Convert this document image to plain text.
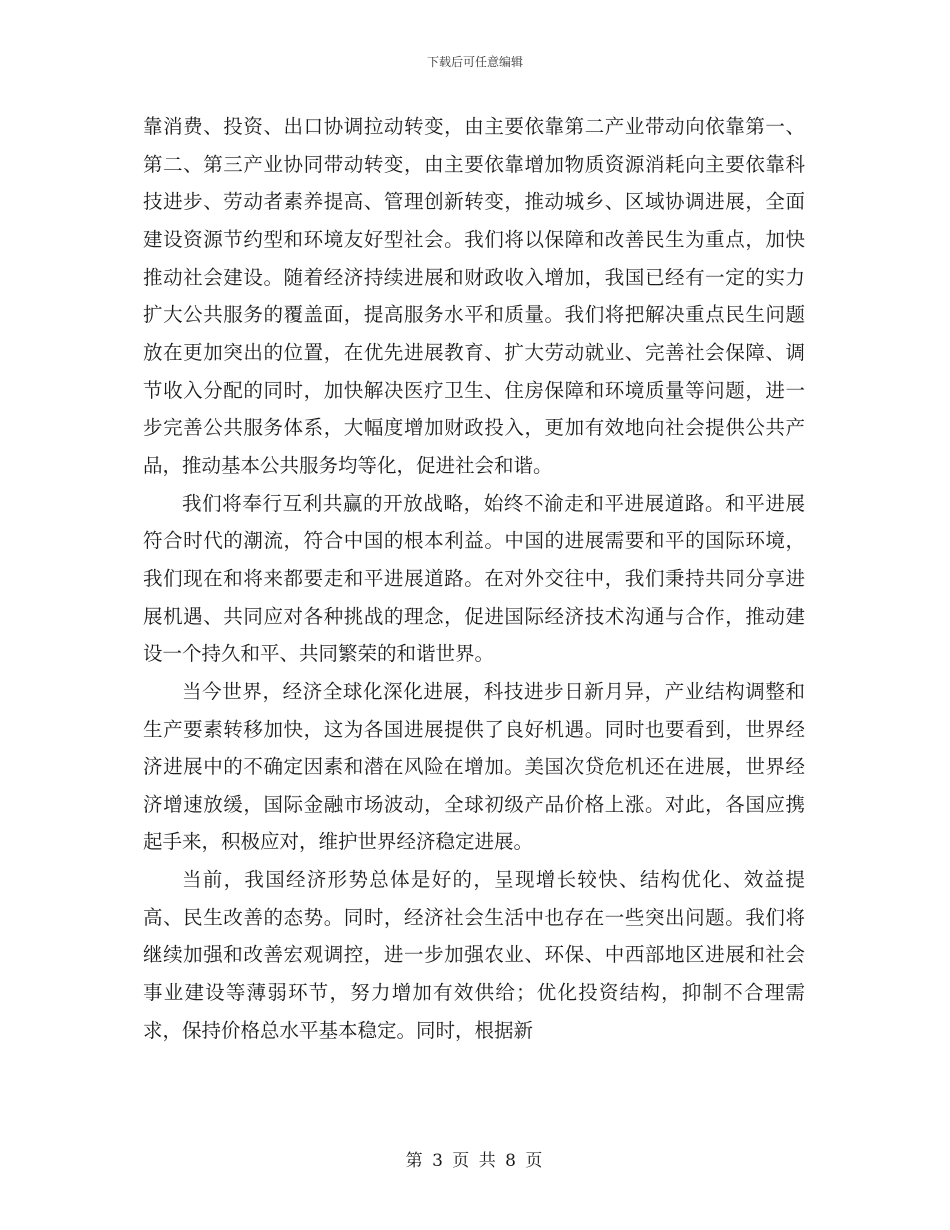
下载后可任意编辑

靠消费、投资、出口协调拉动转变，由主要依靠第二产业带动向依靠第一、第二、第三产业协同带动转变，由主要依靠增加物质资源消耗向主要依靠科技进步、劳动者素养提高、管理创新转变，推动城乡、区域协调进展，全面建设资源节约型和环境友好型社会。我们将以保障和改善民生为重点，加快推动社会建设。随着经济持续进展和财政收入增加，我国已经有一定的实力扩大公共服务的覆盖面，提高服务水平和质量。我们将把解决重点民生问题放在更加突出的位置，在优先进展教育、扩大劳动就业、完善社会保障、调节收入分配的同时，加快解决医疗卫生、住房保障和环境质量等问题，进一步完善公共服务体系，大幅度增加财政投入，更加有效地向社会提供公共产品，推动基本公共服务均等化，促进社会和谐。

我们将奉行互利共赢的开放战略，始终不渝走和平进展道路。和平进展符合时代的潮流，符合中国的根本利益。中国的进展需要和平的国际环境，我们现在和将来都要走和平进展道路。在对外交往中，我们秉持共同分享进展机遇、共同应对各种挑战的理念，促进国际经济技术沟通与合作，推动建设一个持久和平、共同繁荣的和谐世界。

当今世界，经济全球化深化进展，科技进步日新月异，产业结构调整和生产要素转移加快，这为各国进展提供了良好机遇。同时也要看到，世界经济进展中的不确定因素和潜在风险在增加。美国次贷危机还在进展，世界经济增速放缓，国际金融市场波动，全球初级产品价格上涨。对此，各国应携起手来，积极应对，维护世界经济稳定进展。

当前，我国经济形势总体是好的，呈现增长较快、结构优化、效益提高、民生改善的态势。同时，经济社会生活中也存在一些突出问题。我们将继续加强和改善宏观调控，进一步加强农业、环保、中西部地区进展和社会事业建设等薄弱环节，努力增加有效供给；优化投资结构，抑制不合理需求，保持价格总水平基本稳定。同时，根据新

第 3 页 共 8 页
